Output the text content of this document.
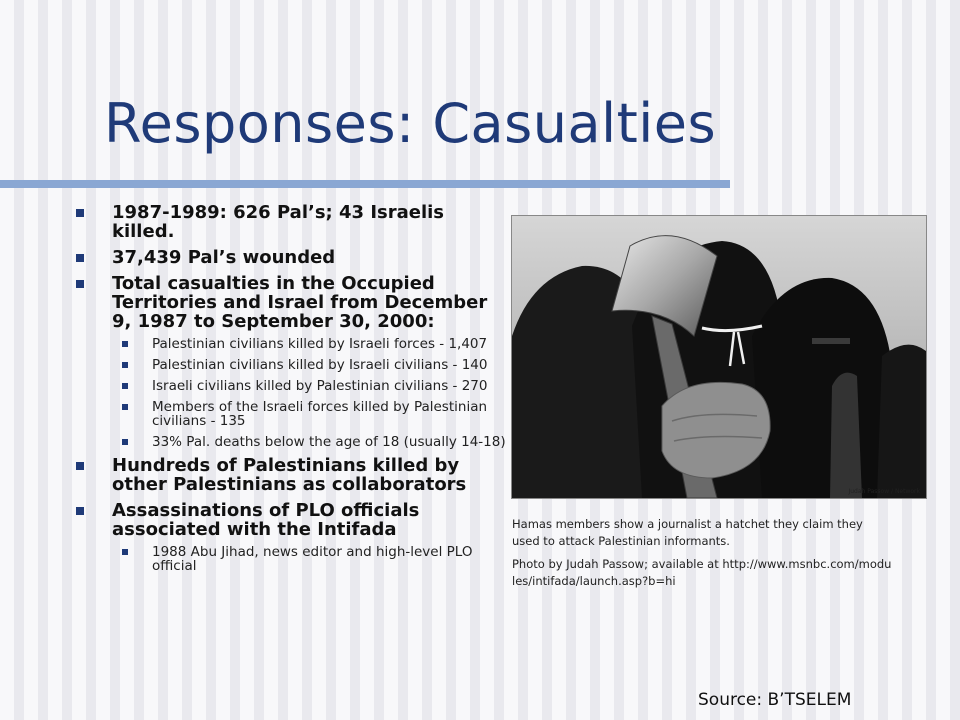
Responses: Casualties
1987-1989: 626 Pal’s; 43 Israelis killed.
37,439 Pal’s wounded
Total casualties in the Occupied Territories and Israel from December 9, 1987 to September 30, 2000:
Palestinian civilians killed by Israeli forces - 1,407
Palestinian civilians killed by Israeli civilians - 140
Israeli civilians killed by Palestinian civilians - 270
Members of the Israeli forces killed by Palestinian civilians - 135
33% Pal. deaths below the age of 18 (usually 14-18)
Hundreds of Palestinians killed by other Palestinians as collaborators
Assassinations of PLO officials associated with the Intifada
1988 Abu Jihad, news editor and high-level PLO official
Judah Passow / Network

Hamas members show a journalist a hatchet they claim they used to attack Palestinian informants.

Photo by Judah Passow; available at http://www.msnbc.com/modules/intifada/launch.asp?b=hi

Source: B’TSELEM
